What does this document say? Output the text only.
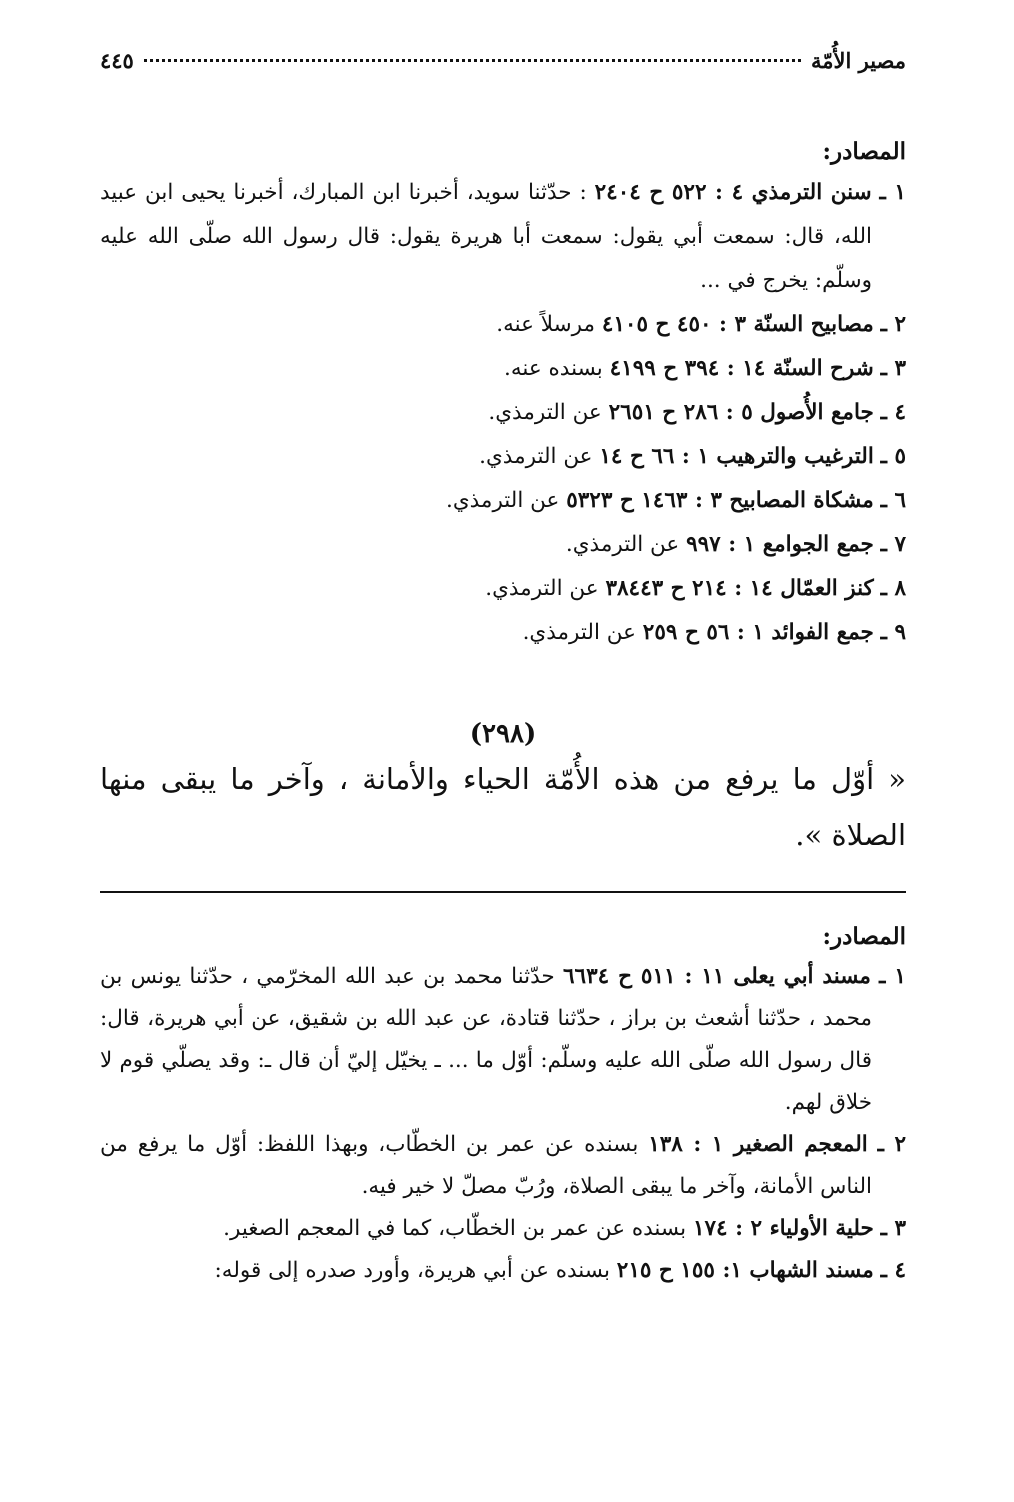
مصير الأُمّة
٤٤٥
المصادر:
١ ـ سنن الترمذي ٤ : ٥٢٢ ح ٢٤٠٤ : حدّثنا سويد، أخبرنا ابن المبارك، أخبرنا يحيى ابن عبيد الله، قال: سمعت أبي يقول: سمعت أبا هريرة يقول: قال رسول الله صلّى الله عليه وسلّم: يخرج في ...
٢ ـ مصابيح السنّة ٣ : ٤٥٠ ح ٤١٠٥ مرسلاً عنه.
٣ ـ شرح السنّة ١٤ : ٣٩٤ ح ٤١٩٩ بسنده عنه.
٤ ـ جامع الأُصول ٥ : ٢٨٦ ح ٢٦٥١ عن الترمذي.
٥ ـ الترغيب والترهيب ١ : ٦٦ ح ١٤ عن الترمذي.
٦ ـ مشكاة المصابيح ٣ : ١٤٦٣ ح ٥٣٢٣ عن الترمذي.
٧ ـ جمع الجوامع ١ : ٩٩٧ عن الترمذي.
٨ ـ كنز العمّال ١٤ : ٢١٤ ح ٣٨٤٤٣ عن الترمذي.
٩ ـ جمع الفوائد ١ : ٥٦ ح ٢٥٩ عن الترمذي.
(٢٩٨)

« أوّل ما يرفع من هذه الأُمّة الحياء والأمانة ، وآخر ما يبقى منها الصلاة ».

المصادر:
١ ـ مسند أبي يعلى ١١ : ٥١١ ح ٦٦٣٤ حدّثنا محمد بن عبد الله المخرّمي ، حدّثنا يونس بن محمد ، حدّثنا أشعث بن براز ، حدّثنا قتادة، عن عبد الله بن شقيق، عن أبي هريرة، قال: قال رسول الله صلّى الله عليه وسلّم: أوّل ما ... ـ يخيّل إليّ أن قال ـ: وقد يصلّي قوم لا خلاق لهم.
٢ ـ المعجم الصغير ١ : ١٣٨ بسنده عن عمر بن الخطّاب، وبهذا اللفظ: أوّل ما يرفع من الناس الأمانة، وآخر ما يبقى الصلاة، ورُبّ مصلّ لا خير فيه.
٣ ـ حلية الأولياء ٢ : ١٧٤ بسنده عن عمر بن الخطّاب، كما في المعجم الصغير.
٤ ـ مسند الشهاب ١: ١٥٥ ح ٢١٥ بسنده عن أبي هريرة، وأورد صدره إلى قوله:
